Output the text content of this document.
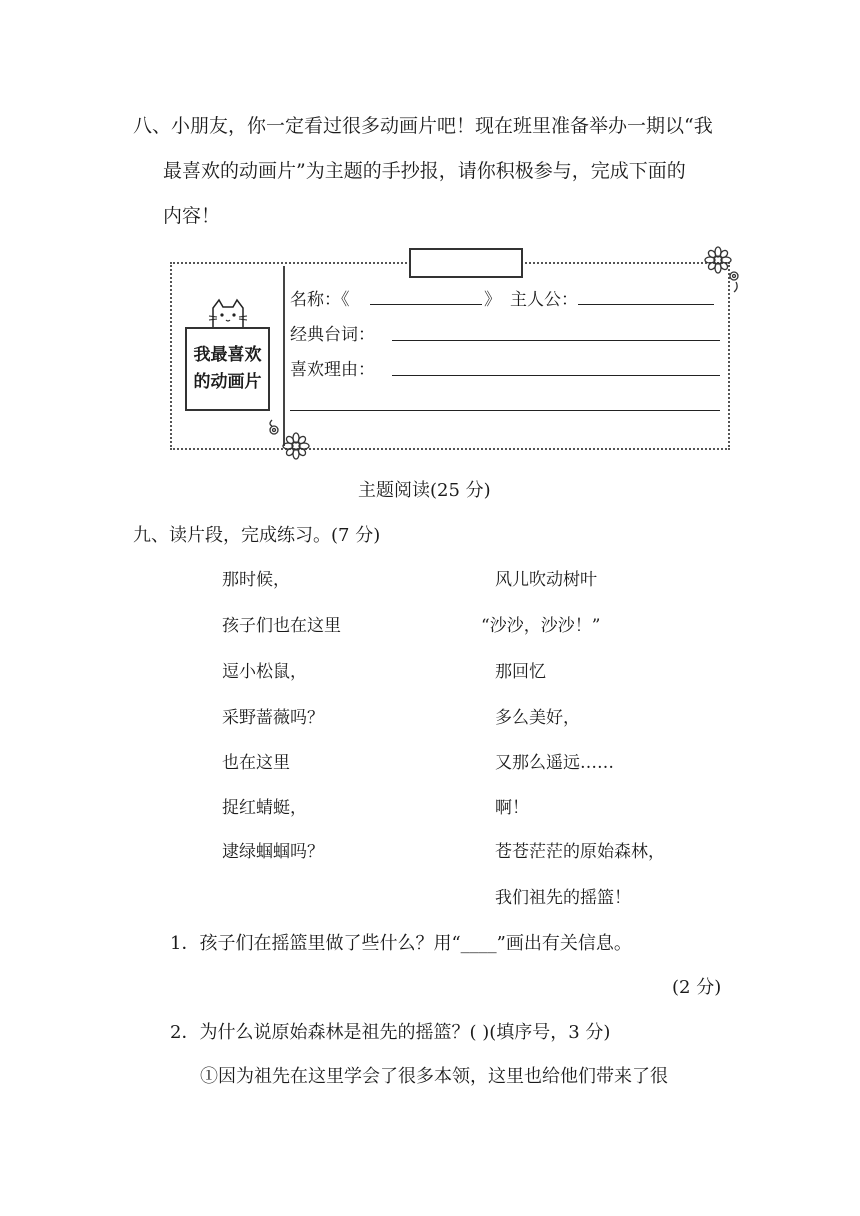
八、小朋友，你一定看过很多动画片吧！现在班里准备举办一期以“我
最喜欢的动画片”为主题的手抄报，请你积极参与，完成下面的
内容！
我最喜欢
的动画片
名称：《	》 主人公：
经典台词：
喜欢理由：
主题阅读(25 分)
九、读片段，完成练习。(7 分)
那时候，
孩子们也在这里
逗小松鼠，
采野蔷薇吗？
也在这里
捉红蜻蜓，
逮绿蝈蝈吗？
风儿吹动树叶
“沙沙，沙沙！”
那回忆
多么美好，
又那么遥远……
啊！
苍苍茫茫的原始森林，
我们祖先的摇篮！
1．孩子们在摇篮里做了些什么？用“____”画出有关信息。
(2 分)
2．为什么说原始森林是祖先的摇篮？( )(填序号，3 分)
①因为祖先在这里学会了很多本领，这里也给他们带来了很
